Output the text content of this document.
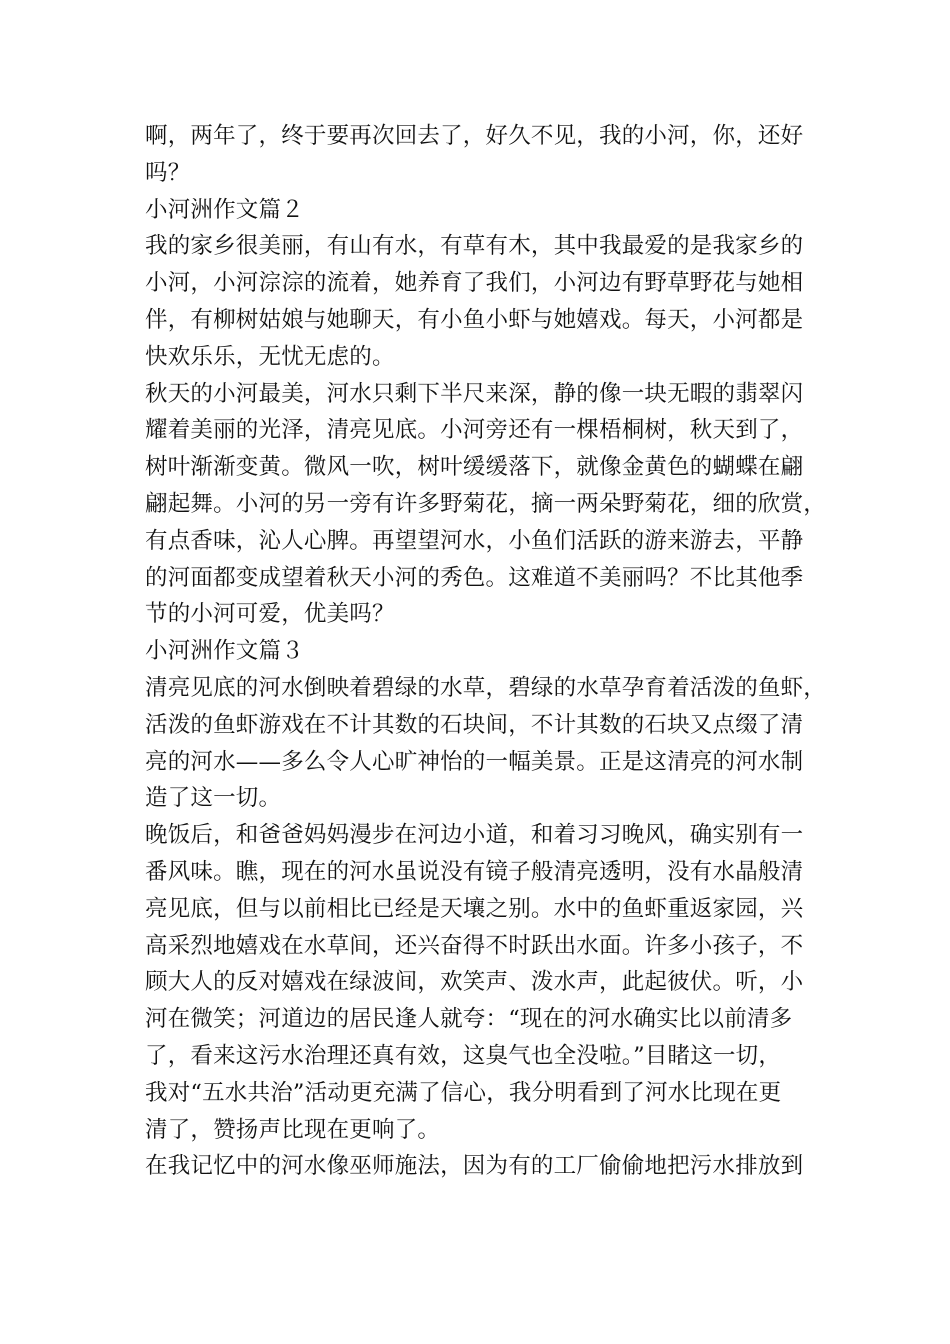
啊，两年了，终于要再次回去了，好久不见，我的小河，你，还好

吗？

小河洲作文篇２

我的家乡很美丽，有山有水，有草有木，其中我最爱的是我家乡的

小河，小河淙淙的流着，她养育了我们，小河边有野草野花与她相

伴，有柳树姑娘与她聊天，有小鱼小虾与她嬉戏。每天，小河都是

快欢乐乐，无忧无虑的。

秋天的小河最美，河水只剩下半尺来深，静的像一块无暇的翡翠闪

耀着美丽的光泽，清亮见底。小河旁还有一棵梧桐树，秋天到了，

树叶渐渐变黄。微风一吹，树叶缓缓落下，就像金黄色的蝴蝶在翩

翩起舞。小河的另一旁有许多野菊花，摘一两朵野菊花，细的欣赏，

有点香味，沁人心脾。再望望河水，小鱼们活跃的游来游去，平静

的河面都变成望着秋天小河的秀色。这难道不美丽吗？不比其他季

节的小河可爱，优美吗？

小河洲作文篇３

清亮见底的河水倒映着碧绿的水草，碧绿的水草孕育着活泼的鱼虾，

活泼的鱼虾游戏在不计其数的石块间，不计其数的石块又点缀了清

亮的河水——多么令人心旷神怡的一幅美景。正是这清亮的河水制

造了这一切。

晚饭后，和爸爸妈妈漫步在河边小道，和着习习晚风，确实别有一

番风味。瞧，现在的河水虽说没有镜子般清亮透明，没有水晶般清

亮见底，但与以前相比已经是天壤之别。水中的鱼虾重返家园，兴

高采烈地嬉戏在水草间，还兴奋得不时跃出水面。许多小孩子，不

顾大人的反对嬉戏在绿波间，欢笑声、泼水声，此起彼伏。听，小

河在微笑；河道边的居民逢人就夸：“现在的河水确实比以前清多

了，看来这污水治理还真有效，这臭气也全没啦。”目睹这一切，

我对“五水共治”活动更充满了信心，我分明看到了河水比现在更

清了，赞扬声比现在更响了。

在我记忆中的河水像巫师施法，因为有的工厂偷偷地把污水排放到
